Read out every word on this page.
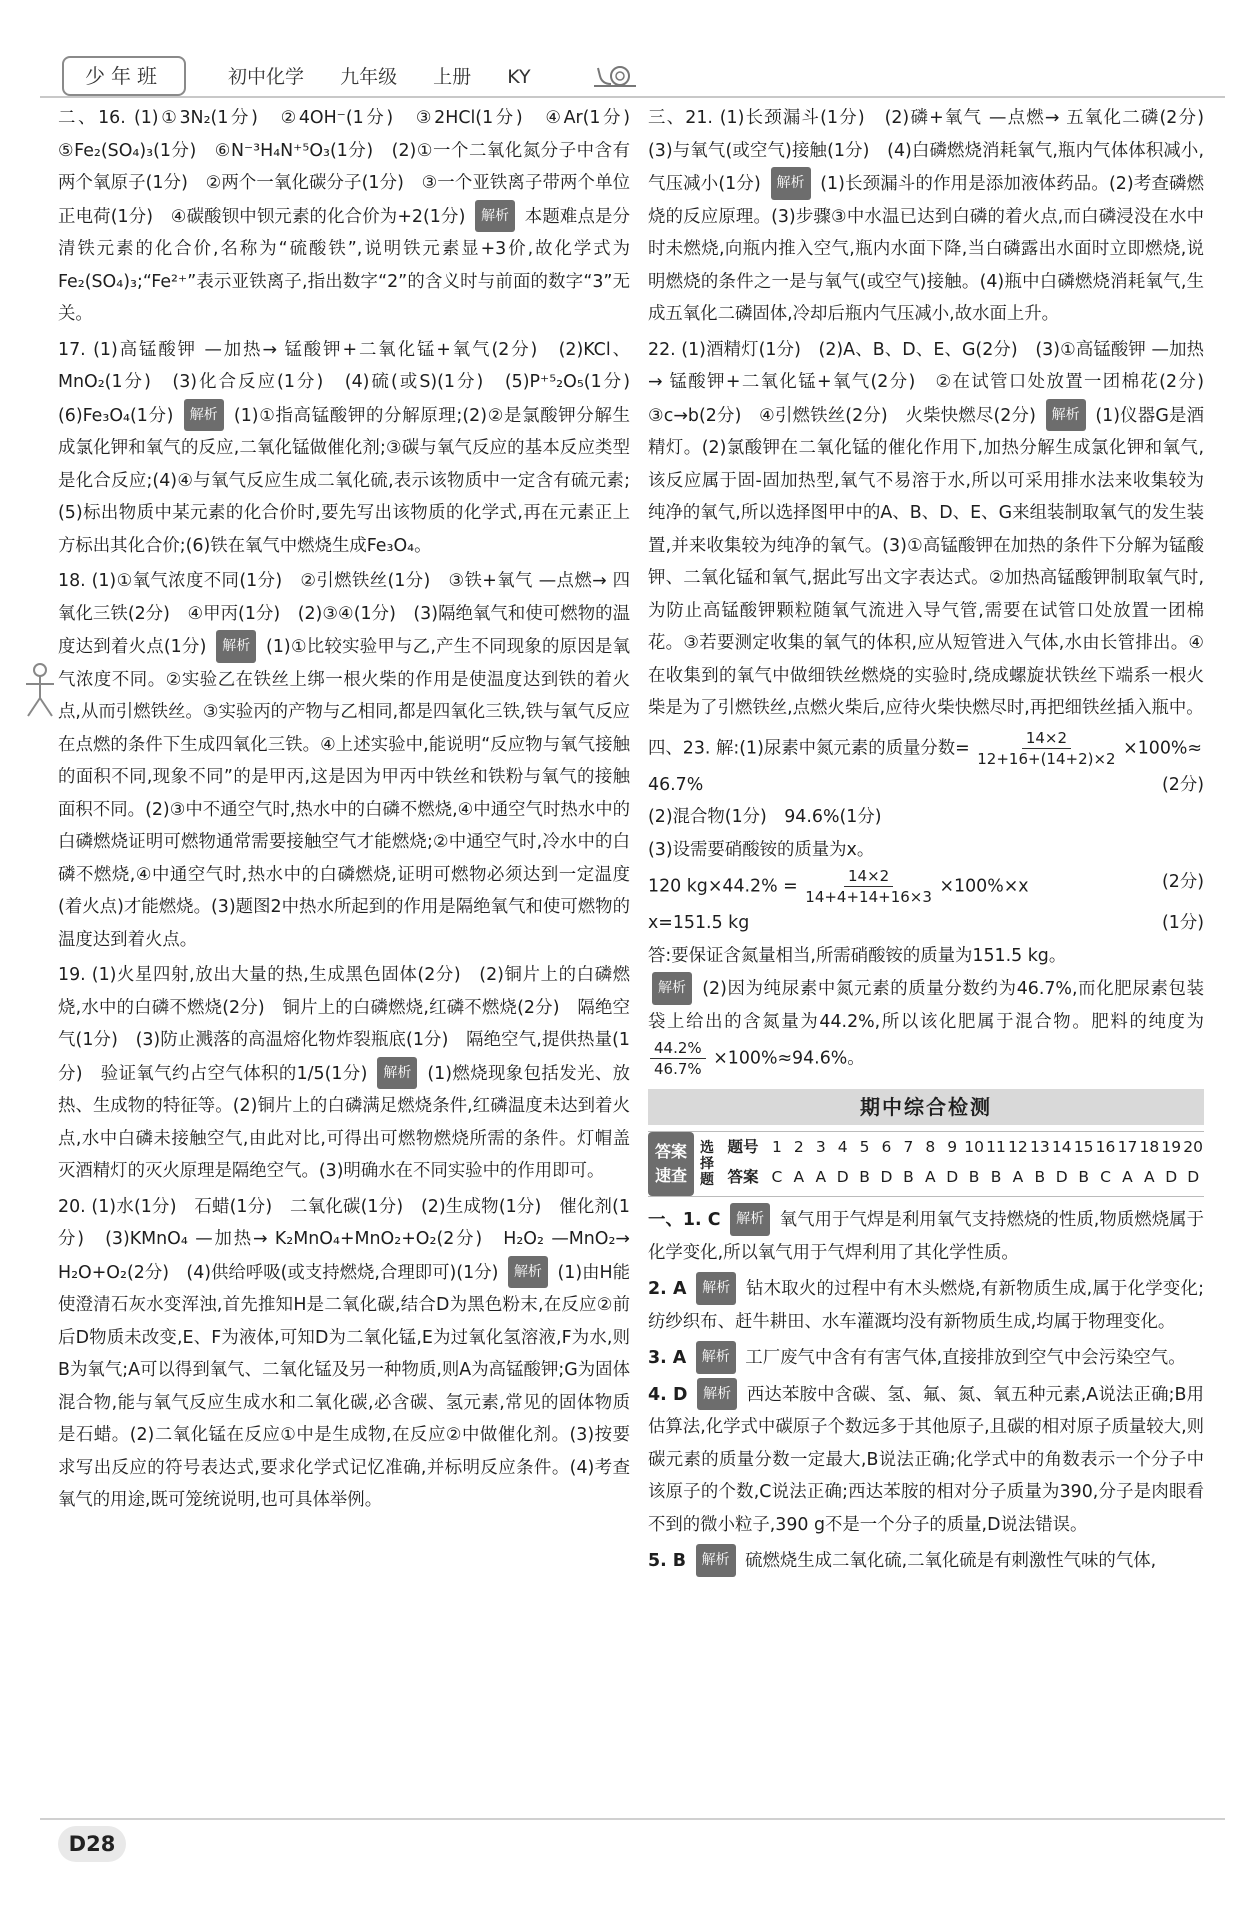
少年班	初中化学 九年级 上册 KY

二、16. (1)①3N₂(1分)　②4OH⁻(1分)　③2HCl(1分)　④Ar(1分)　⑤Fe₂(SO₄)₃(1分)　⑥N⁻³H₄N⁺⁵O₃(1分)　(2)①一个二氧化氮分子中含有两个氧原子(1分)　②两个一氧化碳分子(1分)　③一个亚铁离子带两个单位正电荷(1分)　④碳酸钡中钡元素的化合价为+2(1分) 解析 本题难点是分清铁元素的化合价,名称为“硫酸铁”,说明铁元素显+3价,故化学式为Fe₂(SO₄)₃;“Fe²⁺”表示亚铁离子,指出数字“2”的含义时与前面的数字“3”无关。

17. (1)高锰酸钾 —加热→ 锰酸钾+二氧化锰+氧气(2分)　(2)KCl、MnO₂(1分)　(3)化合反应(1分)　(4)硫(或S)(1分)　(5)P⁺⁵₂O₅(1分)　(6)Fe₃O₄(1分) 解析 (1)①指高锰酸钾的分解原理;(2)②是氯酸钾分解生成氯化钾和氧气的反应,二氧化锰做催化剂;③碳与氧气反应的基本反应类型是化合反应;(4)④与氧气反应生成二氧化硫,表示该物质中一定含有硫元素;(5)标出物质中某元素的化合价时,要先写出该物质的化学式,再在元素正上方标出其化合价;(6)铁在氧气中燃烧生成Fe₃O₄。

18. (1)①氧气浓度不同(1分)　②引燃铁丝(1分)　③铁+氧气 —点燃→ 四氧化三铁(2分)　④甲丙(1分)　(2)③④(1分)　(3)隔绝氧气和使可燃物的温度达到着火点(1分) 解析 (1)①比较实验甲与乙,产生不同现象的原因是氧气浓度不同。②实验乙在铁丝上绑一根火柴的作用是使温度达到铁的着火点,从而引燃铁丝。③实验丙的产物与乙相同,都是四氧化三铁,铁与氧气反应在点燃的条件下生成四氧化三铁。④上述实验中,能说明“反应物与氧气接触的面积不同,现象不同”的是甲丙,这是因为甲丙中铁丝和铁粉与氧气的接触面积不同。(2)③中不通空气时,热水中的白磷不燃烧,④中通空气时热水中的白磷燃烧证明可燃物通常需要接触空气才能燃烧;②中通空气时,冷水中的白磷不燃烧,④中通空气时,热水中的白磷燃烧,证明可燃物必须达到一定温度(着火点)才能燃烧。(3)题图2中热水所起到的作用是隔绝氧气和使可燃物的温度达到着火点。

19. (1)火星四射,放出大量的热,生成黑色固体(2分)　(2)铜片上的白磷燃烧,水中的白磷不燃烧(2分)　铜片上的白磷燃烧,红磷不燃烧(2分)　隔绝空气(1分)　(3)防止溅落的高温熔化物炸裂瓶底(1分)　隔绝空气,提供热量(1分)　验证氧气约占空气体积的1/5(1分) 解析 (1)燃烧现象包括发光、放热、生成物的特征等。(2)铜片上的白磷满足燃烧条件,红磷温度未达到着火点,水中白磷未接触空气,由此对比,可得出可燃物燃烧所需的条件。灯帽盖灭酒精灯的灭火原理是隔绝空气。(3)明确水在不同实验中的作用即可。

20. (1)水(1分)　石蜡(1分)　二氧化碳(1分)　(2)生成物(1分)　催化剂(1分)　(3)KMnO₄ —加热→ K₂MnO₄+MnO₂+O₂(2分)　H₂O₂ —MnO₂→ H₂O+O₂(2分)　(4)供给呼吸(或支持燃烧,合理即可)(1分) 解析 (1)由H能使澄清石灰水变浑浊,首先推知H是二氧化碳,结合D为黑色粉末,在反应②前后D物质未改变,E、F为液体,可知D为二氧化锰,E为过氧化氢溶液,F为水,则B为氧气;A可以得到氧气、二氧化锰及另一种物质,则A为高锰酸钾;G为固体混合物,能与氧气反应生成水和二氧化碳,必含碳、氢元素,常见的固体物质是石蜡。(2)二氧化锰在反应①中是生成物,在反应②中做催化剂。(3)按要求写出反应的符号表达式,要求化学式记忆准确,并标明反应条件。(4)考查氧气的用途,既可笼统说明,也可具体举例。

三、21. (1)长颈漏斗(1分)　(2)磷+氧气 —点燃→ 五氧化二磷(2分)　(3)与氧气(或空气)接触(1分)　(4)白磷燃烧消耗氧气,瓶内气体体积减小,气压减小(1分) 解析 (1)长颈漏斗的作用是添加液体药品。(2)考查磷燃烧的反应原理。(3)步骤③中水温已达到白磷的着火点,而白磷浸没在水中时未燃烧,向瓶内推入空气,瓶内水面下降,当白磷露出水面时立即燃烧,说明燃烧的条件之一是与氧气(或空气)接触。(4)瓶中白磷燃烧消耗氧气,生成五氧化二磷固体,冷却后瓶内气压减小,故水面上升。

22. (1)酒精灯(1分)　(2)A、B、D、E、G(2分)　(3)①高锰酸钾 —加热→ 锰酸钾+二氧化锰+氧气(2分)　②在试管口处放置一团棉花(2分)　③c→b(2分)　④引燃铁丝(2分)　火柴快燃尽(2分) 解析 (1)仪器G是酒精灯。(2)氯酸钾在二氧化锰的催化作用下,加热分解生成氯化钾和氧气,该反应属于固-固加热型,氧气不易溶于水,所以可采用排水法来收集较为纯净的氧气,所以选择图甲中的A、B、D、E、G来组装制取氧气的发生装置,并来收集较为纯净的氧气。(3)①高锰酸钾在加热的条件下分解为锰酸钾、二氧化锰和氧气,据此写出文字表达式。②加热高锰酸钾制取氧气时,为防止高锰酸钾颗粒随氧气流进入导气管,需要在试管口处放置一团棉花。③若要测定收集的氧气的体积,应从短管进入气体,水由长管排出。④在收集到的氧气中做细铁丝燃烧的实验时,绕成螺旋状铁丝下端系一根火柴是为了引燃铁丝,点燃火柴后,应待火柴快燃尽时,再把细铁丝插入瓶中。

四、23. 解:(1)尿素中氮元素的质量分数= $\frac{14\times 2}{12+16+(14+2)\times 2} \times 100\%\approx$
46.7%	(2分)
(2)混合物(1分)　94.6%(1分)
(3)设需要硝酸铵的质量为x。
120 $kg\times 44.2\% = \frac{14\times 2}{14+4+14+16\times 3} \times 100\%\times x$	(2分)
x=151.5 kg	(1分)
答:要保证含氮量相当,所需硝酸铵的质量为151.5 kg。

解析 (2)因为纯尿素中氮元素的质量分数约为46.7%,而化肥尿素包装袋上给出的含氮量为44.2%,所以该化肥属于混合物。肥料的纯度为
$\frac{44.2\%}{46.7\%} \times 100\%\approx 94.6\%$。

期中综合检测
答案速查
选择题
题号 1 2 3 4 5 6 7 8 9 10 11 12 13 14 15 16 17 18 19 20
答案 C A A D B D B A D B B A B D B C A A D D

一、1. C 解析 氧气用于气焊是利用氧气支持燃烧的性质,物质燃烧属于化学变化,所以氧气用于气焊利用了其化学性质。

2. A 解析 钻木取火的过程中有木头燃烧,有新物质生成,属于化学变化;纺纱织布、赶牛耕田、水车灌溉均没有新物质生成,均属于物理变化。

3. A 解析 工厂废气中含有有害气体,直接排放到空气中会污染空气。

4. D 解析 西达苯胺中含碳、氢、氟、氮、氧五种元素,A说法正确;B用估算法,化学式中碳原子个数远多于其他原子,且碳的相对原子质量较大,则碳元素的质量分数一定最大,B说法正确;化学式中的角数表示一个分子中该原子的个数,C说法正确;西达苯胺的相对分子质量为390,分子是肉眼看不到的微小粒子,390 g不是一个分子的质量,D说法错误。

5. B 解析 硫燃烧生成二氧化硫,二氧化硫是有刺激性气味的气体,

D28
